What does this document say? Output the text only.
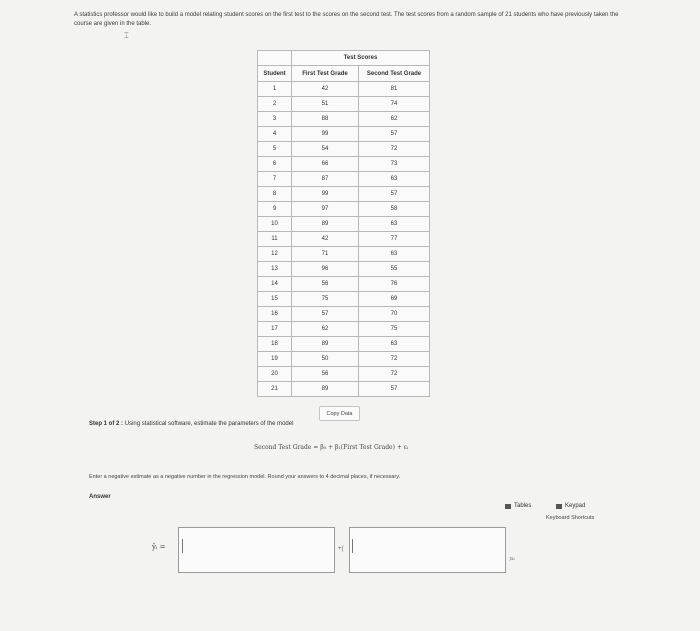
A statistics professor would like to build a model relating student scores on the first test to the scores on the second test. The test scores from a random sample of 21 students who have previously taken the course are given in the table.
⌶
	Test Scores	
Student	First Test Grade	Second Test Grade
1	42	81
2	51	74
3	88	62
4	99	57
5	54	72
6	66	73
7	87	63
8	99	57
9	97	58
10	89	63
11	42	77
12	71	63
13	96	55
14	56	76
15	75	69
16	57	70
17	62	75
18	89	63
19	50	72
20	56	72
21	89	57
Copy Data
Step 1 of 2 : Using statistical software, estimate the parameters of the model
Second Test Grade = β₀ + β₁(First Test Grade) + εᵢ
Enter a negative estimate as a negative number in the regression model. Round your answers to 4 decimal places, if necessary.
Answer
Tables	Keypad
Keyboard Shortcuts
ŷᵢ =	+(
)xᵢ
